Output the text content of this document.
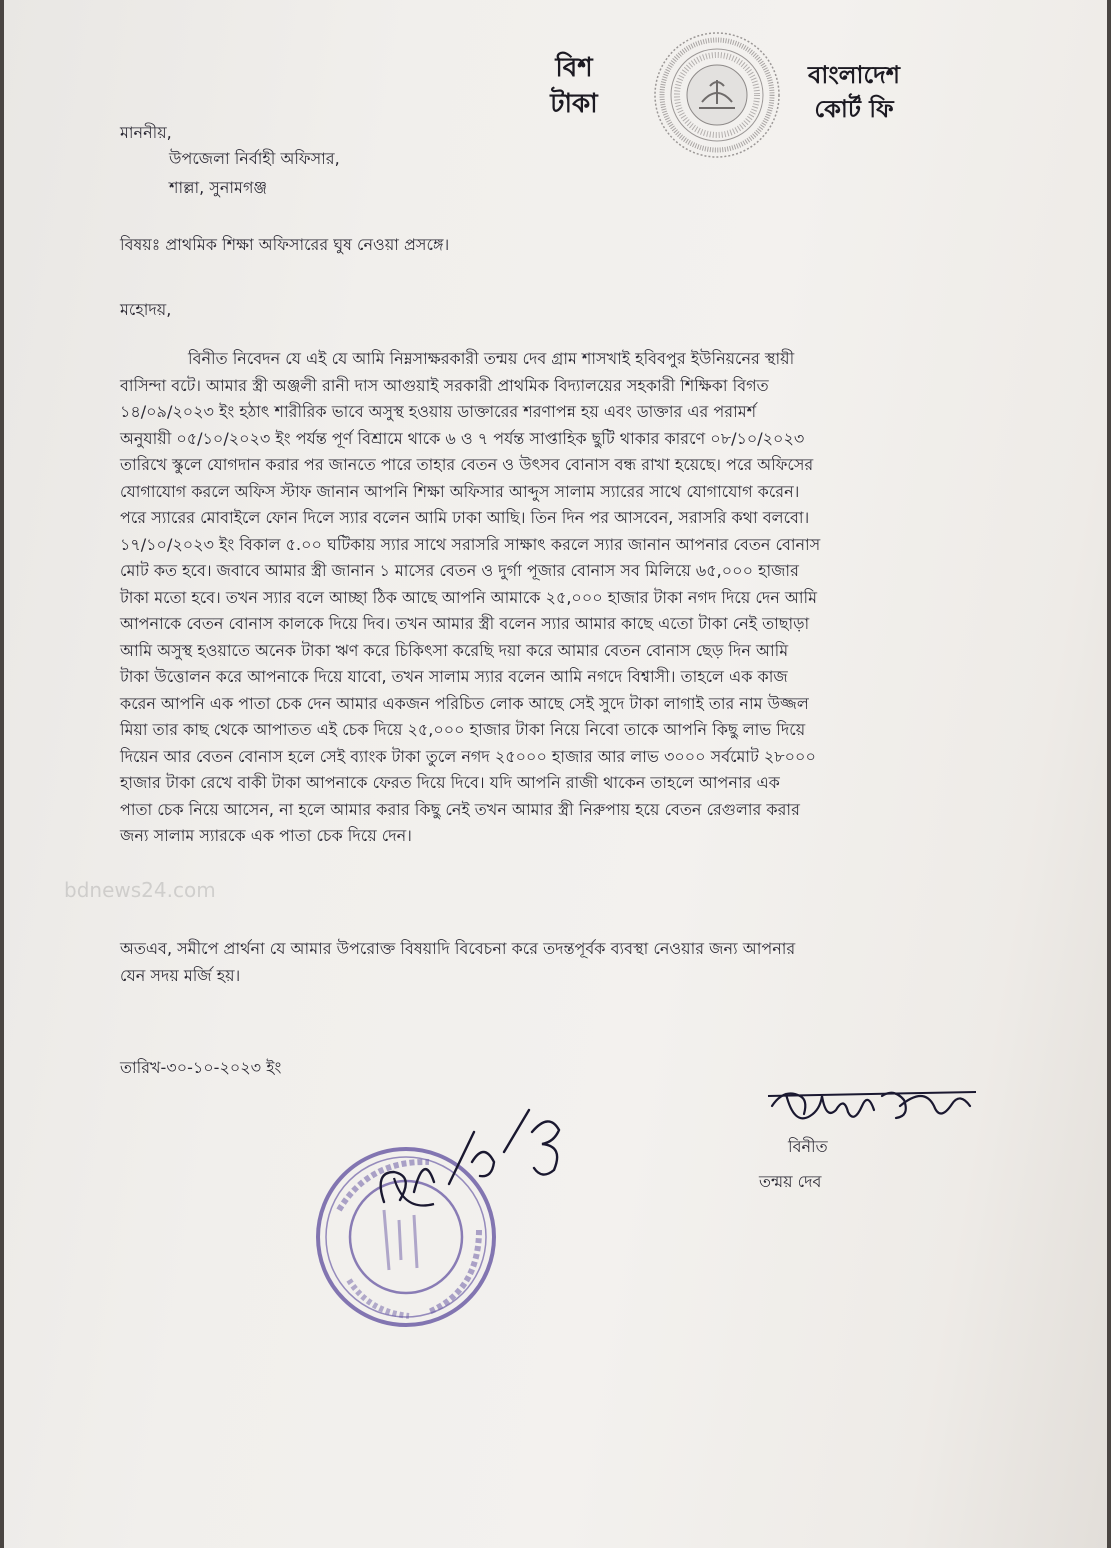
বিশ
টাকা
বাংলাদেশ
কোর্ট ফি
মাননীয়,
উপজেলা নির্বাহী অফিসার,
শাল্লা, সুনামগঞ্জ
বিষয়ঃ প্রাথমিক শিক্ষা অফিসারের ঘুষ নেওয়া প্রসঙ্গে।
মহোদয়,
বিনীত নিবেদন যে এই যে আমি নিম্নসাক্ষরকারী তন্ময় দেব গ্রাম শাসখাই হবিবপুর ইউনিয়নের স্থায়ী
বাসিন্দা বটে। আমার স্ত্রী অঞ্জলী রানী দাস আগুয়াই সরকারী প্রাথমিক বিদ্যালয়ের সহকারী শিক্ষিকা বিগত
১৪/০৯/২০২৩ ইং হঠাৎ শারীরিক ভাবে অসুস্থ হওয়ায় ডাক্তারের শরণাপন্ন হয় এবং ডাক্তার এর পরামর্শ
অনুযায়ী ০৫/১০/২০২৩ ইং পর্যন্ত পূর্ণ বিশ্রামে থাকে ৬ ও ৭ পর্যন্ত সাপ্তাহিক ছুটি থাকার কারণে ০৮/১০/২০২৩
তারিখে স্কুলে যোগদান করার পর জানতে পারে তাহার বেতন ও উৎসব বোনাস বন্ধ রাখা হয়েছে। পরে অফিসের
যোগাযোগ করলে অফিস স্টাফ জানান আপনি শিক্ষা অফিসার আব্দুস সালাম স্যারের সাথে যোগাযোগ করেন।
পরে স্যারের মোবাইলে ফোন দিলে স্যার বলেন আমি ঢাকা আছি। তিন দিন পর আসবেন, সরাসরি কথা বলবো।
১৭/১০/২০২৩ ইং বিকাল ৫.০০ ঘটিকায় স্যার সাথে সরাসরি সাক্ষাৎ করলে স্যার জানান আপনার বেতন বোনাস
মোট কত হবে। জবাবে আমার স্ত্রী জানান ১ মাসের বেতন ও দুর্গা পূজার বোনাস সব মিলিয়ে ৬৫,০০০ হাজার
টাকা মতো হবে। তখন স্যার বলে আচ্ছা ঠিক আছে আপনি আমাকে ২৫,০০০ হাজার টাকা নগদ দিয়ে দেন আমি
আপনাকে বেতন বোনাস কালকে দিয়ে দিব। তখন আমার স্ত্রী বলেন স্যার আমার কাছে এতো টাকা নেই তাছাড়া
আমি অসুস্থ হওয়াতে অনেক টাকা ঋণ করে চিকিৎসা করেছি দয়া করে আমার বেতন বোনাস ছেড় দিন আমি
টাকা উত্তোলন করে আপনাকে দিয়ে যাবো, তখন সালাম স্যার বলেন আমি নগদে বিশ্বাসী। তাহলে এক কাজ
করেন আপনি এক পাতা চেক দেন আমার একজন পরিচিত লোক আছে সেই সুদে টাকা লাগাই তার নাম উজ্জল
মিয়া তার কাছ থেকে আপাতত এই চেক দিয়ে ২৫,০০০ হাজার টাকা নিয়ে নিবো তাকে আপনি কিছু লাভ দিয়ে
দিয়েন আর বেতন বোনাস হলে সেই ব্যাংক টাকা তুলে নগদ ২৫০০০ হাজার আর লাভ ৩০০০ সর্বমোট ২৮০০০
হাজার টাকা রেখে বাকী টাকা আপনাকে ফেরত দিয়ে দিবে। যদি আপনি রাজী থাকেন তাহলে আপনার এক
পাতা চেক নিয়ে আসেন, না হলে আমার করার কিছু নেই তখন আমার স্ত্রী নিরুপায় হয়ে বেতন রেগুলার করার
জন্য সালাম স্যারকে এক পাতা চেক দিয়ে দেন।
অতএব, সমীপে প্রার্থনা যে আমার উপরোক্ত বিষয়াদি বিবেচনা করে তদন্তপূর্বক ব্যবস্থা নেওয়ার জন্য আপনার
যেন সদয় মর্জি হয়।
তারিখ-৩০-১০-২০২৩ ইং
বিনীত
তন্ময় দেব
bdnews24.com
